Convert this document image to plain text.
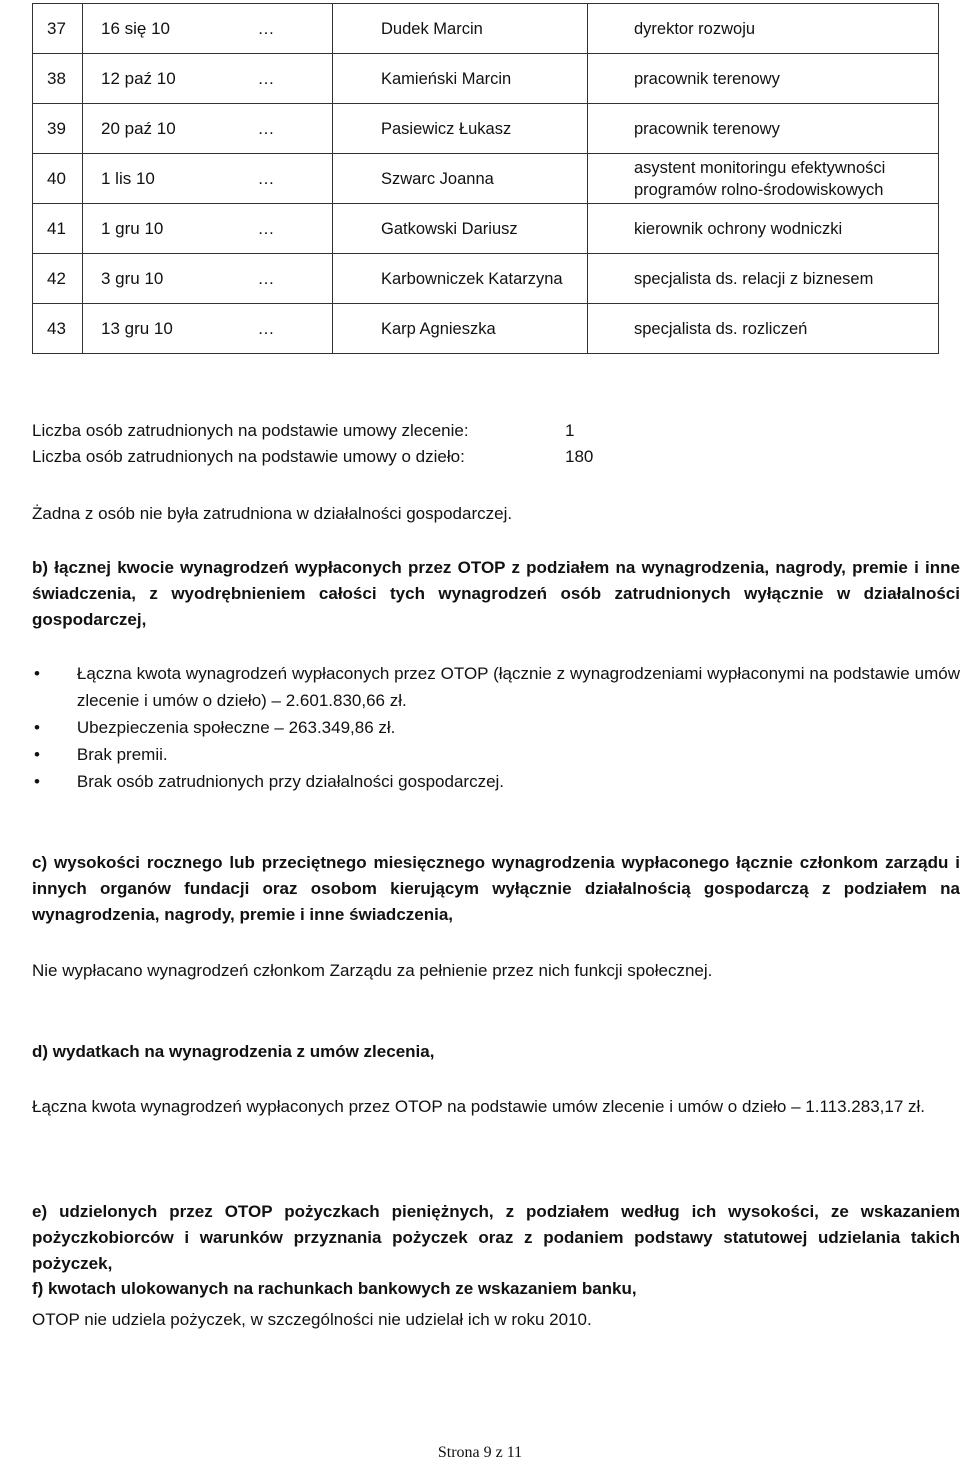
37	16 się 10 …	Dudek Marcin	dyrektor rozwoju
38	12 paź 10 …	Kamieński Marcin	pracownik terenowy
39	20 paź 10 …	Pasiewicz Łukasz	pracownik terenowy
40	1 lis 10 …	Szwarc Joanna	asystent monitoringu efektywności programów rolno-środowiskowych
41	1 gru 10 …	Gatkowski Dariusz	kierownik ochrony wodniczki
42	3 gru 10 …	Karbowniczek Katarzyna	specjalista ds. relacji z biznesem
43	13 gru 10 …	Karp Agnieszka	specjalista ds. rozliczeń
Liczba osób zatrudnionych na podstawie umowy zlecenie:	1
Liczba osób zatrudnionych na podstawie umowy o dzieło:	180
Żadna z osób nie była zatrudniona w działalności gospodarczej.
b) łącznej kwocie wynagrodzeń wypłaconych przez OTOP z podziałem na wynagrodzenia, nagrody, premie i inne świadczenia, z wyodrębnieniem całości tych wynagrodzeń osób zatrudnionych wyłącznie w działalności gospodarczej,
•	Łączna kwota wynagrodzeń wypłaconych przez OTOP (łącznie z wynagrodzeniami wypłaconymi na podstawie umów zlecenie i umów o dzieło) – 2.601.830,66 zł.
•	Ubezpieczenia społeczne – 263.349,86 zł.
•	Brak premii.
•	Brak osób zatrudnionych przy działalności gospodarczej.
c) wysokości rocznego lub przeciętnego miesięcznego wynagrodzenia wypłaconego łącznie członkom zarządu i innych organów fundacji oraz osobom kierującym wyłącznie działalnością gospodarczą z podziałem na wynagrodzenia, nagrody, premie i inne świadczenia,
Nie wypłacano wynagrodzeń członkom Zarządu za pełnienie przez nich funkcji społecznej.
d) wydatkach na wynagrodzenia z umów zlecenia,
Łączna kwota wynagrodzeń wypłaconych przez OTOP na podstawie umów zlecenie i umów o dzieło – 1.113.283,17 zł.
e) udzielonych przez OTOP pożyczkach pieniężnych, z podziałem według ich wysokości, ze wskazaniem pożyczkobiorców i warunków przyznania pożyczek oraz z podaniem podstawy statutowej udzielania takich pożyczek,
OTOP nie udziela pożyczek, w szczególności nie udzielał ich w roku 2010.
f) kwotach ulokowanych na rachunkach bankowych ze wskazaniem banku,
Strona 9 z 11
